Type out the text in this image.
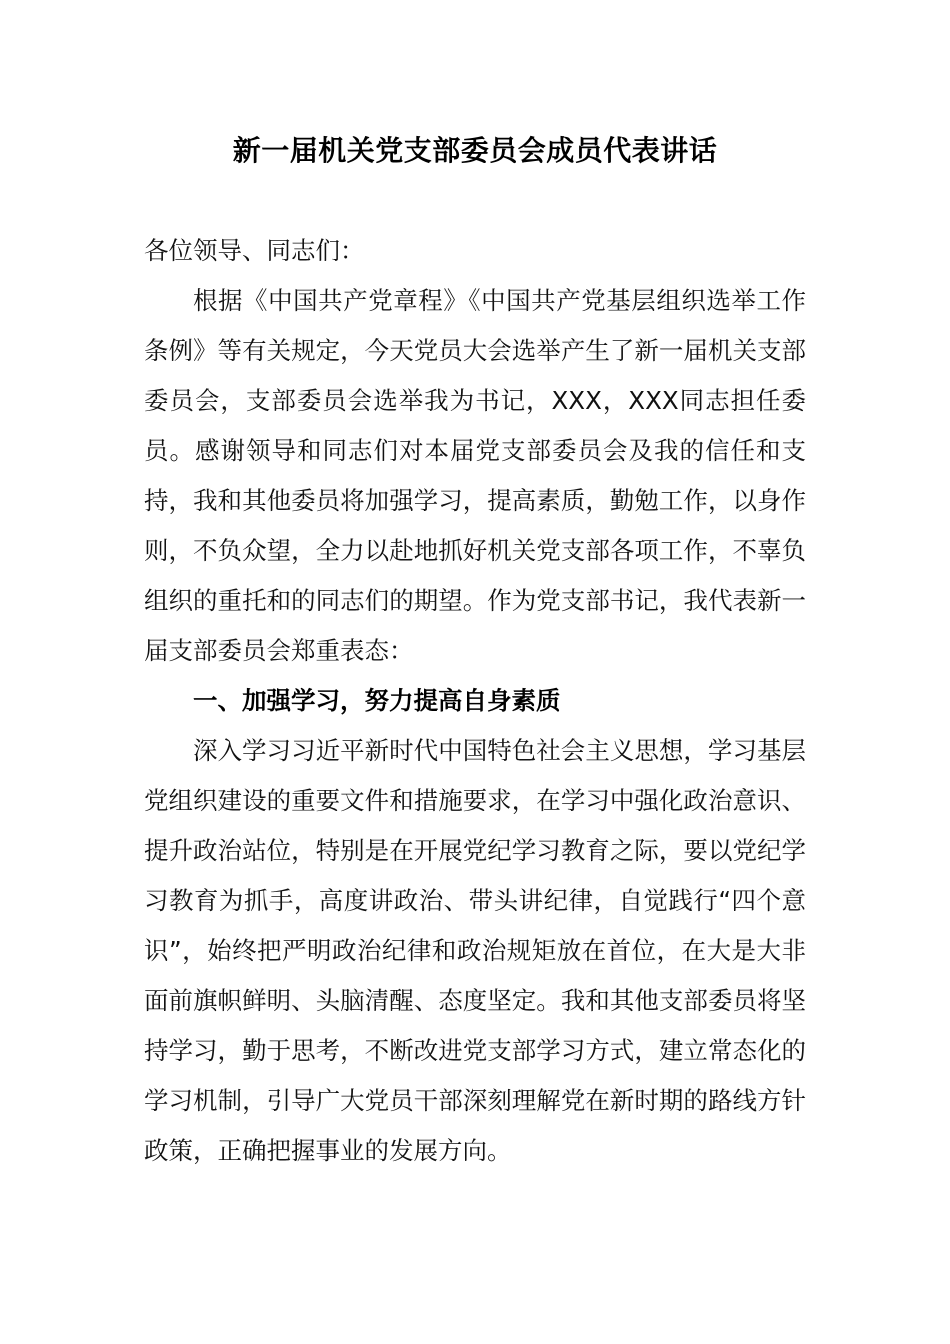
新一届机关党支部委员会成员代表讲话

各位领导、同志们：

根据《中国共产党章程》《中国共产党基层组织选举工作条例》等有关规定，今天党员大会选举产生了新一届机关支部委员会，支部委员会选举我为书记，XXX，XXX同志担任委员。感谢领导和同志们对本届党支部委员会及我的信任和支持，我和其他委员将加强学习，提高素质，勤勉工作，以身作则，不负众望，全力以赴地抓好机关党支部各项工作，不辜负组织的重托和的同志们的期望。作为党支部书记，我代表新一届支部委员会郑重表态：

一、加强学习，努力提高自身素质

深入学习习近平新时代中国特色社会主义思想，学习基层党组织建设的重要文件和措施要求，在学习中强化政治意识、提升政治站位，特别是在开展党纪学习教育之际，要以党纪学习教育为抓手，高度讲政治、带头讲纪律，自觉践行“四个意识”，始终把严明政治纪律和政治规矩放在首位，在大是大非面前旗帜鲜明、头脑清醒、态度坚定。我和其他支部委员将坚持学习，勤于思考，不断改进党支部学习方式，建立常态化的学习机制，引导广大党员干部深刻理解党在新时期的路线方针政策，正确把握事业的发展方向。
